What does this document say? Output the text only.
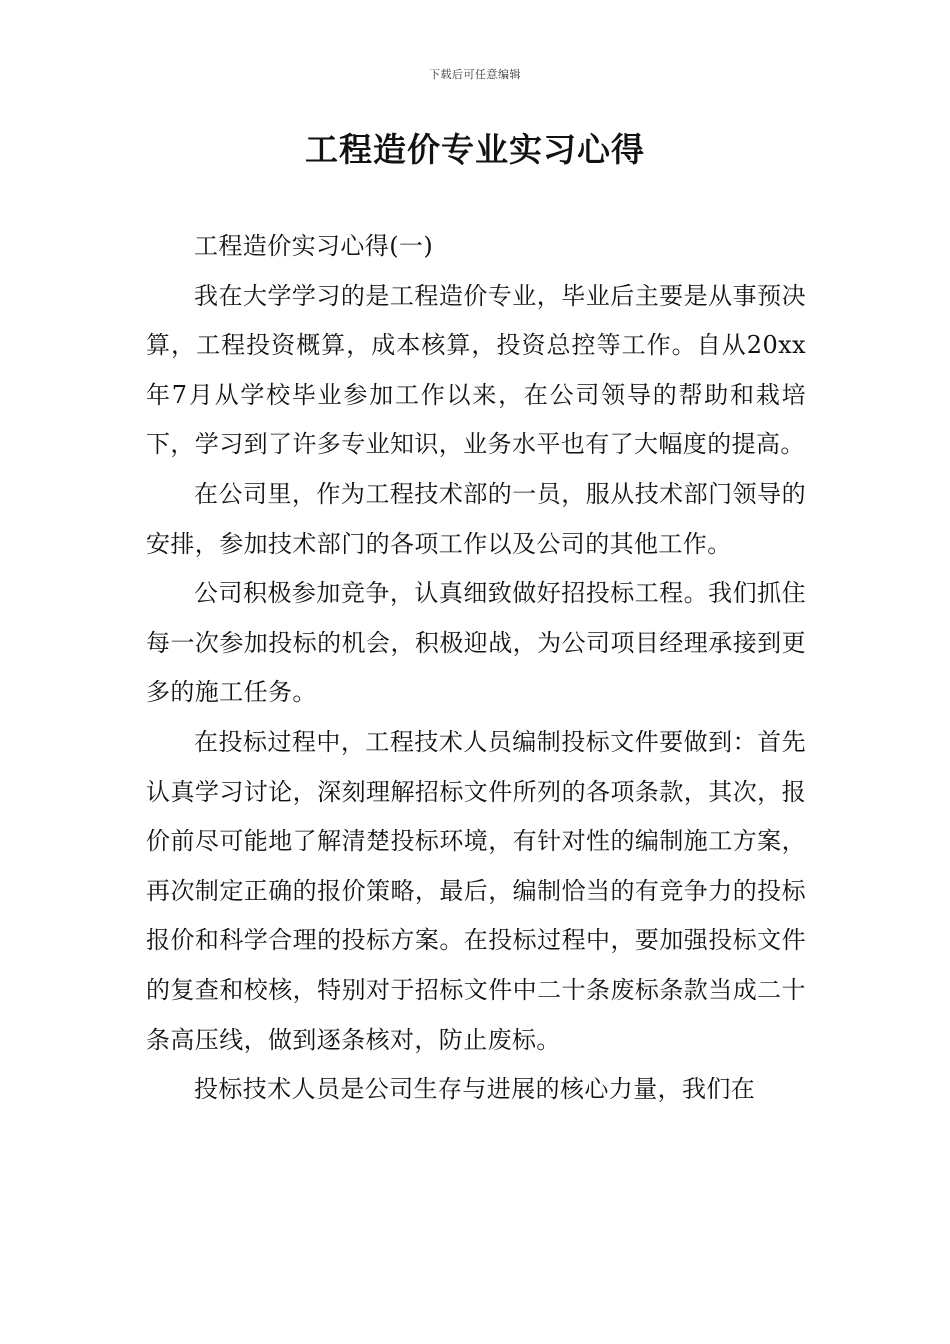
下载后可任意编辑
工程造价专业实习心得

工程造价实习心得(一)

我在大学学习的是工程造价专业，毕业后主要是从事预决算，工程投资概算，成本核算，投资总控等工作。自从20xx年7月从学校毕业参加工作以来，在公司领导的帮助和栽培下，学习到了许多专业知识，业务水平也有了大幅度的提高。

在公司里，作为工程技术部的一员，服从技术部门领导的安排，参加技术部门的各项工作以及公司的其他工作。

公司积极参加竞争，认真细致做好招投标工程。我们抓住每一次参加投标的机会，积极迎战，为公司项目经理承接到更多的施工任务。

在投标过程中，工程技术人员编制投标文件要做到：首先认真学习讨论，深刻理解招标文件所列的各项条款，其次，报价前尽可能地了解清楚投标环境，有针对性的编制施工方案，再次制定正确的报价策略，最后，编制恰当的有竞争力的投标报价和科学合理的投标方案。在投标过程中，要加强投标文件的复查和校核，特别对于招标文件中二十条废标条款当成二十条高压线，做到逐条核对，防止废标。

投标技术人员是公司生存与进展的核心力量，我们在
